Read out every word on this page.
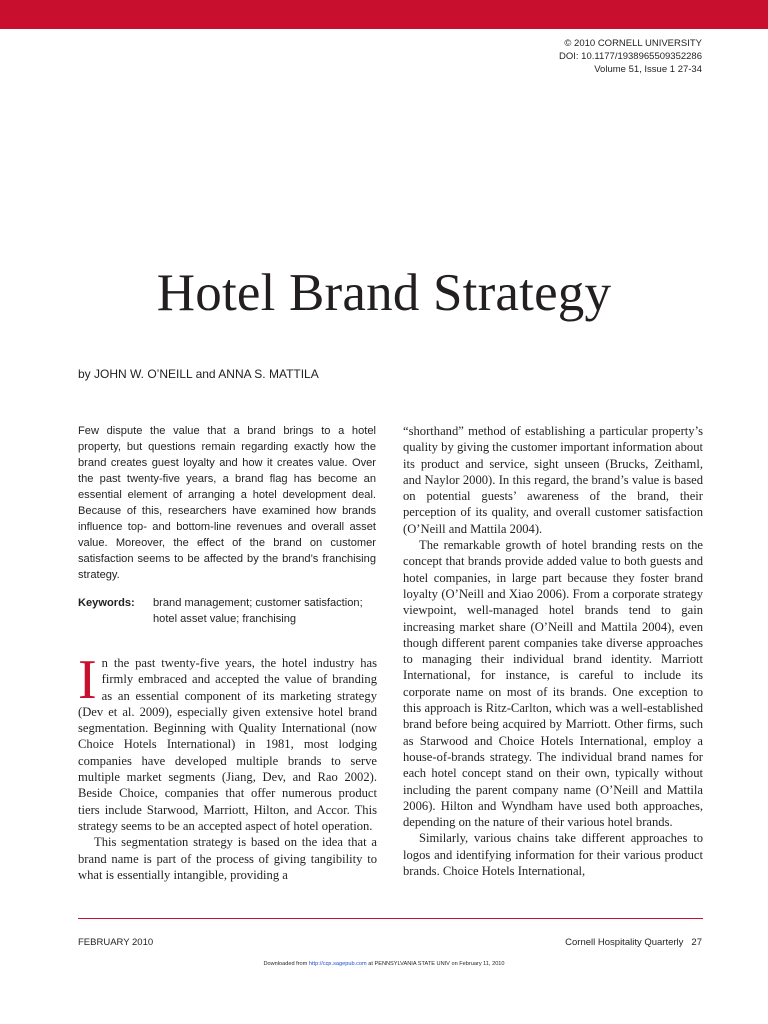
© 2010 CORNELL UNIVERSITY
DOI: 10.1177/1938965509352286
Volume 51, Issue 1 27-34
Hotel Brand Strategy
by JOHN W. O’NEILL and ANNA S. MATTILA
Few dispute the value that a brand brings to a hotel property, but questions remain regarding exactly how the brand creates guest loyalty and how it creates value. Over the past twenty-five years, a brand flag has become an essential element of arranging a hotel development deal. Because of this, researchers have examined how brands influence top- and bottom-line revenues and overall asset value. Moreover, the effect of the brand on customer satisfaction seems to be affected by the brand’s franchising strategy.
Keywords:	brand management; customer satisfaction; hotel asset value; franchising

In the past twenty-five years, the hotel industry has firmly embraced and accepted the value of branding as an essential component of its marketing strategy (Dev et al. 2009), especially given extensive hotel brand segmentation. Beginning with Quality International (now Choice Hotels International) in 1981, most lodging companies have developed multiple brands to serve multiple market segments (Jiang, Dev, and Rao 2002). Beside Choice, companies that offer numerous product tiers include Starwood, Marriott, Hilton, and Accor. This strategy seems to be an accepted aspect of hotel operation.

This segmentation strategy is based on the idea that a brand name is part of the process of giving tangibility to what is essentially intangible, providing a

“shorthand” method of establishing a particular property’s quality by giving the customer important information about its product and service, sight unseen (Brucks, Zeithaml, and Naylor 2000). In this regard, the brand’s value is based on potential guests’ awareness of the brand, their perception of its quality, and overall customer satisfaction (O’Neill and Mattila 2004).

The remarkable growth of hotel branding rests on the concept that brands provide added value to both guests and hotel companies, in large part because they foster brand loyalty (O’Neill and Xiao 2006). From a corporate strategy viewpoint, well-managed hotel brands tend to gain increasing market share (O’Neill and Mattila 2004), even though different parent companies take diverse approaches to managing their individual brand identity. Marriott International, for instance, is careful to include its corporate name on most of its brands. One exception to this approach is Ritz-Carlton, which was a well-established brand before being acquired by Marriott. Other firms, such as Starwood and Choice Hotels International, employ a house-of-brands strategy. The individual brand names for each hotel concept stand on their own, typically without including the parent company name (O’Neill and Mattila 2006). Hilton and Wyndham have used both approaches, depending on the nature of their various hotel brands.

Similarly, various chains take different approaches to logos and identifying information for their various product brands. Choice Hotels International,

FEBRUARY 2010	Cornell Hospitality Quarterly 27
Downloaded from http://cqx.sagepub.com at PENNSYLVANIA STATE UNIV on February 11, 2010
